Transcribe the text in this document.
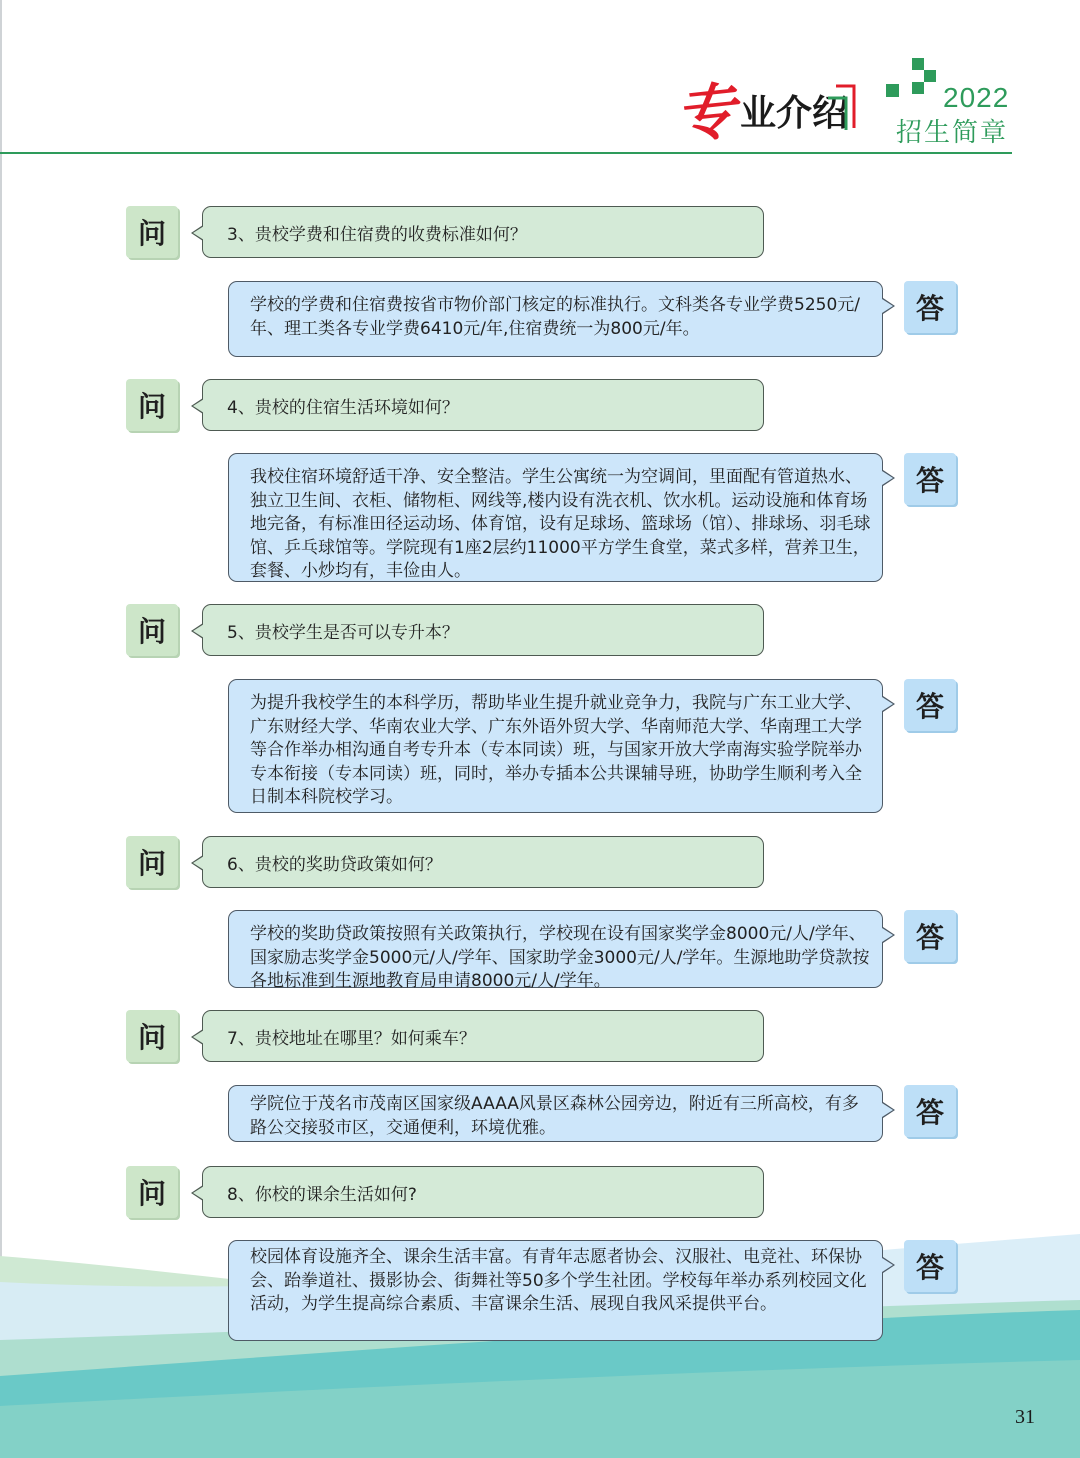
专 业介绍	2022
招生简章
问	3、贵校学费和住宿费的收费标准如何？
学校的学费和住宿费按省市物价部门核定的标准执行。文科类各专业学费5250元/年、理工类各专业学费6410元/年,住宿费统一为800元/年。
答
问	4、贵校的住宿生活环境如何？
我校住宿环境舒适干净、安全整洁。学生公寓统一为空调间，里面配有管道热水、独立卫生间、衣柜、储物柜、网线等,楼内设有洗衣机、饮水机。运动设施和体育场地完备，有标准田径运动场、体育馆，设有足球场、篮球场（馆）、排球场、羽毛球馆、乒乓球馆等。学院现有1座2层约11000平方学生食堂，菜式多样，营养卫生，套餐、小炒均有，丰俭由人。
答
问	5、贵校学生是否可以专升本？
为提升我校学生的本科学历，帮助毕业生提升就业竞争力，我院与广东工业大学、广东财经大学、华南农业大学、广东外语外贸大学、华南师范大学、华南理工大学等合作举办相沟通自考专升本（专本同读）班，与国家开放大学南海实验学院举办专本衔接（专本同读）班，同时，举办专插本公共课辅导班，协助学生顺利考入全日制本科院校学习。
答
问	6、贵校的奖助贷政策如何？
学校的奖助贷政策按照有关政策执行，学校现在设有国家奖学金8000元/人/学年、国家励志奖学金5000元/人/学年、国家助学金3000元/人/学年。生源地助学贷款按各地标准到生源地教育局申请8000元/人/学年。
答
问	7、贵校地址在哪里？如何乘车？
学院位于茂名市茂南区国家级AAAA风景区森林公园旁边，附近有三所高校，有多路公交接驳市区，交通便利，环境优雅。	答
问	8、你校的课余生活如何?
校园体育设施齐全、课余生活丰富。有青年志愿者协会、汉服社、电竞社、环保协会、跆拳道社、摄影协会、街舞社等50多个学生社团。学校每年举办系列校园文化活动，为学生提高综合素质、丰富课余生活、展现自我风采提供平台。
答
31
